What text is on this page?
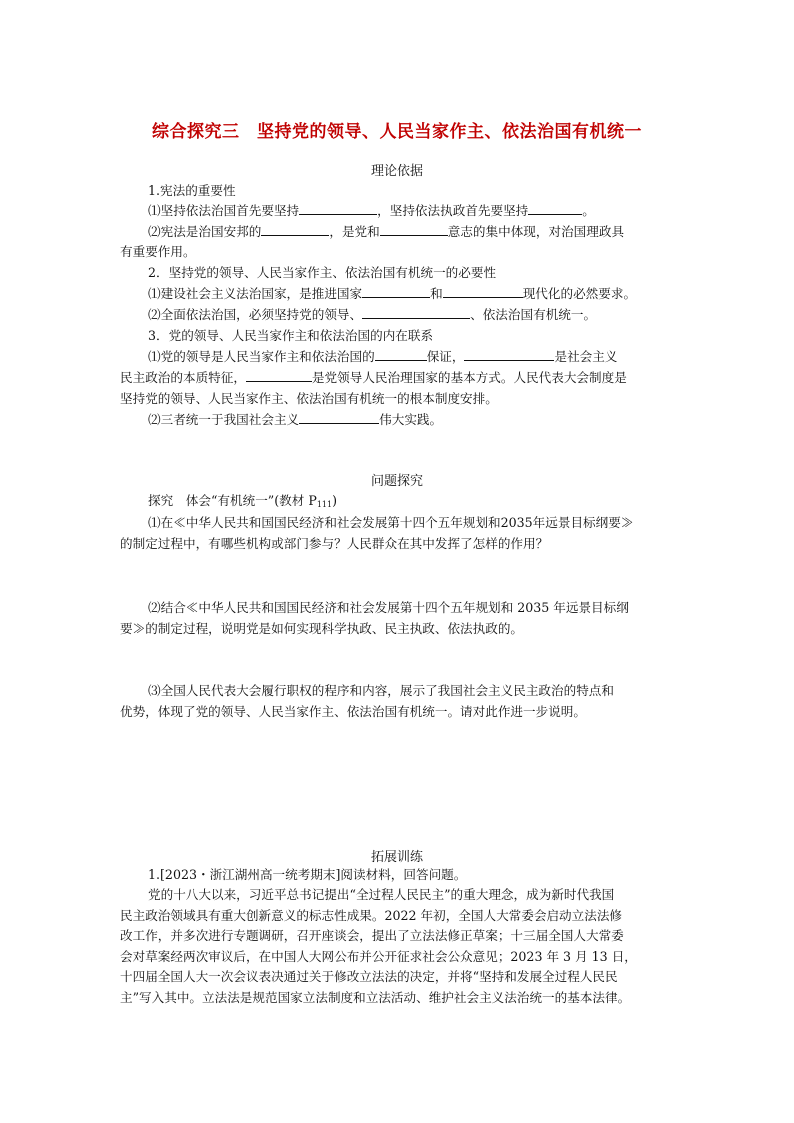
综合探究三　坚持党的领导、人民当家作主、依法治国有机统一
理论依据
1.宪法的重要性
⑴坚持依法治国首先要坚持	，坚持依法执政首先要坚持	。
⑵宪法是治国安邦的	，是党和	意志的集中体现，对治国理政具
有重要作用。
2．坚持党的领导、人民当家作主、依法治国有机统一的必要性
⑴建设社会主义法治国家，是推进国家	和	现代化的必然要求。
⑵全面依法治国，必须坚持党的领导、	、依法治国有机统一。
3．党的领导、人民当家作主和依法治国的内在联系
⑴党的领导是人民当家作主和依法治国的	保证，	是社会主义
民主政治的本质特征，	是党领导人民治理国家的基本方式。人民代表大会制度是
坚持党的领导、人民当家作主、依法治国有机统一的根本制度安排。
⑵三者统一于我国社会主义	伟大实践。
问题探究
探究　体会“有机统一”(教材 $P_{111}$)
⑴在≪中华人民共和国国民经济和社会发展第十四个五年规划和2035年远景目标纲要≫
的制定过程中，有哪些机构或部门参与？人民群众在其中发挥了怎样的作用？
⑵结合≪中华人民共和国国民经济和社会发展第十四个五年规划和 2035 年远景目标纲
要≫的制定过程，说明党是如何实现科学执政、民主执政、依法执政的。
⑶全国人民代表大会履行职权的程序和内容，展示了我国社会主义民主政治的特点和
优势，体现了党的领导、人民当家作主、依法治国有机统一。请对此作进一步说明。
拓展训练
1.[2023・浙江湖州高一统考期末]阅读材料，回答问题。
党的十八大以来，习近平总书记提出“全过程人民民主”的重大理念，成为新时代我国
民主政治领域具有重大创新意义的标志性成果。2022 年初，全国人大常委会启动立法法修
改工作，并多次进行专题调研，召开座谈会，提出了立法法修正草案；十三届全国人大常委
会对草案经两次审议后，在中国人大网公布并公开征求社会公众意见；2023 年 3 月 13 日，
十四届全国人大一次会议表决通过关于修改立法法的决定，并将“坚持和发展全过程人民民
主”写入其中。立法法是规范国家立法制度和立法活动、维护社会主义法治统一的基本法律。
